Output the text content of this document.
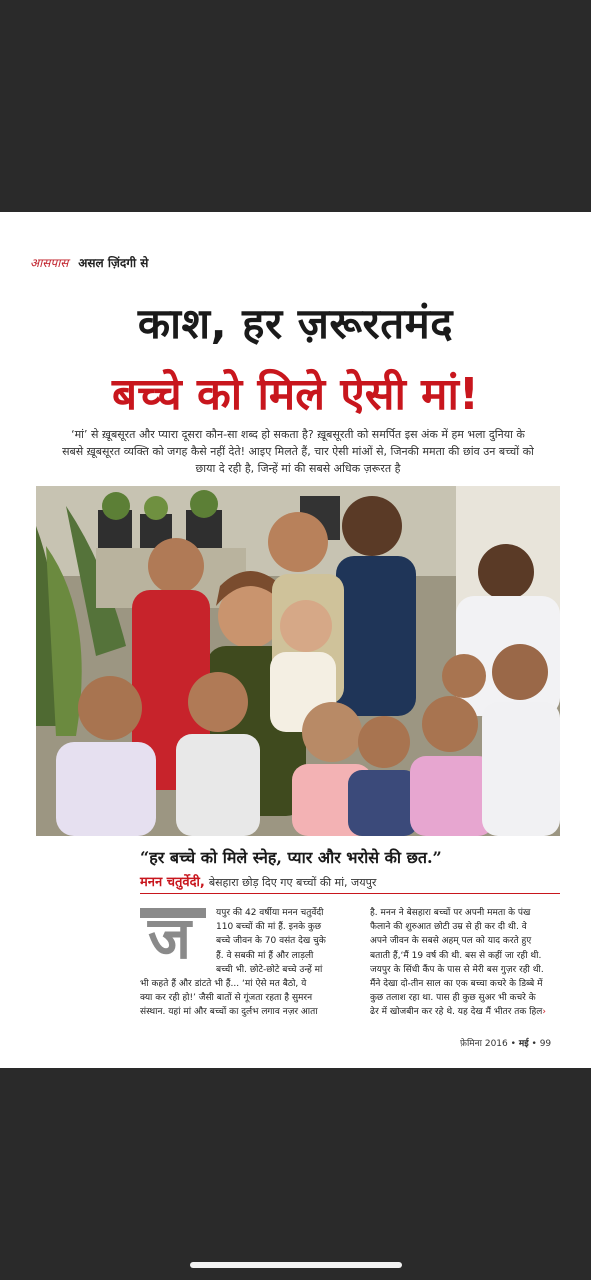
आसपास असल ज़िंदगी से
काश, हर ज़रूरतमंद
बच्चे को मिले ऐसी मां!
‘मां’ से ख़ूबसूरत और प्यारा दूसरा कौन-सा शब्द हो सकता है? ख़ूबसूरती को समर्पित इस अंक में हम भला दुनिया के सबसे ख़ूबसूरत व्यक्ति को जगह कैसे नहीं देते! आइए मिलते हैं, चार ऐसी मांओं से, जिनकी ममता की छांव उन बच्चों को छाया दे रही है, जिन्हें मां की सबसे अधिक ज़रूरत है
“हर बच्चे को मिले स्नेह, प्यार और भरोसे की छत.”
मनन चतुर्वेदी, बेसहारा छोड़ दिए गए बच्चों की मां, जयपुर
ज	यपुर की 42 वर्षीया मनन चतुर्वेदी
110 बच्चों की मां हैं. इनके कुछ
बच्चे जीवन के 70 वसंत देख चुके
हैं. वे सबकी मां हैं और लाड़ली
बच्ची भी. छोटे-छोटे बच्चे उन्हें मां
भी कहते हैं और डांटते भी हैं... ‘मां ऐसे मत बैठो, ये
क्या कर रही हो!’ जैसी बातों से गूंजता रहता है सुमरन
संस्थान. यहां मां और बच्चों का दुर्लभ लगाव नज़र आता
है. मनन ने बेसहारा बच्चों पर अपनी ममता के पंख
फैलाने की शुरुआत छोटी उम्र से ही कर दी थी. वे
अपने जीवन के सबसे अहम् पल को याद करते हुए
बताती हैं,‘मैं 19 वर्ष की थी. बस से कहीं जा रही थी.
जयपुर के सिंधी कैंप के पास से मेरी बस गुज़र रही थी.
मैंने देखा दो-तीन साल का एक बच्चा कचरे के डिब्बे में
कुछ तलाश रहा था. पास ही कुछ सुअर भी कचरे के
ढेर में खोजबीन कर रहे थे. यह देख मैं भीतर तक हिल›
फ़ेमिना 2016 • मई • 99
